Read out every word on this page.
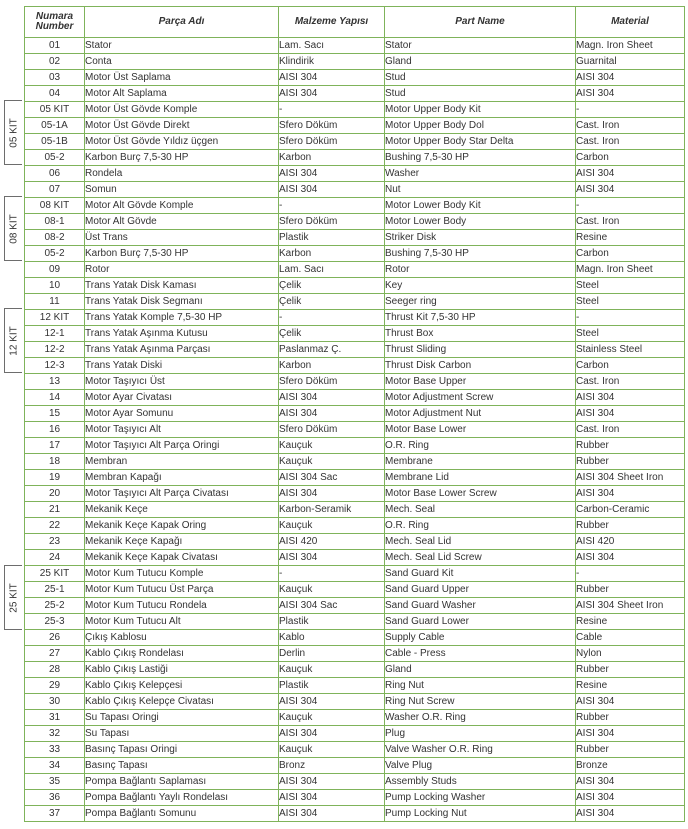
05 KIT
08 KIT
12 KIT
25 KIT
Numara Number	Parça Adı	Malzeme Yapısı	Part Name	Material
01	Stator	Lam. Sacı	Stator	Magn. Iron Sheet
02	Conta	Klindirik	Gland	Guarnital
03	Motor Üst Saplama	AISI 304	Stud	AISI 304
04	Motor Alt Saplama	AISI 304	Stud	AISI 304
05 KIT	Motor Üst Gövde Komple	-	Motor Upper Body Kit	-
05-1A	Motor Üst Gövde Direkt	Sfero Döküm	Motor Upper Body Dol	Cast. Iron
05-1B	Motor Üst Gövde Yıldız üçgen	Sfero Döküm	Motor Upper Body Star Delta	Cast. Iron
05-2	Karbon Burç 7,5-30 HP	Karbon	Bushing 7,5-30 HP	Carbon
06	Rondela	AISI 304	Washer	AISI 304
07	Somun	AISI 304	Nut	AISI 304
08 KIT	Motor Alt Gövde Komple	-	Motor Lower Body Kit	-
08-1	Motor Alt Gövde	Sfero Döküm	Motor Lower Body	Cast. Iron
08-2	Üst Trans	Plastik	Striker Disk	Resine
05-2	Karbon Burç 7,5-30 HP	Karbon	Bushing 7,5-30 HP	Carbon
09	Rotor	Lam. Sacı	Rotor	Magn. Iron Sheet
10	Trans Yatak Disk Kaması	Çelik	Key	Steel
11	Trans Yatak Disk Segmanı	Çelik	Seeger ring	Steel
12 KIT	Trans Yatak Komple 7,5-30 HP	-	Thrust Kit 7,5-30 HP	-
12-1	Trans Yatak Aşınma Kutusu	Çelik	Thrust Box	Steel
12-2	Trans Yatak Aşınma Parçası	Paslanmaz Ç.	Thrust Sliding	Stainless Steel
12-3	Trans Yatak Diski	Karbon	Thrust Disk Carbon	Carbon
13	Motor Taşıyıcı Üst	Sfero Döküm	Motor Base Upper	Cast. Iron
14	Motor Ayar Civatası	AISI 304	Motor Adjustment Screw	AISI 304
15	Motor Ayar Somunu	AISI 304	Motor Adjustment Nut	AISI 304
16	Motor Taşıyıcı Alt	Sfero Döküm	Motor Base Lower	Cast. Iron
17	Motor Taşıyıcı Alt Parça Oringi	Kauçuk	O.R. Ring	Rubber
18	Membran	Kauçuk	Membrane	Rubber
19	Membran Kapağı	AISI 304 Sac	Membrane Lid	AISI 304 Sheet Iron
20	Motor Taşıyıcı Alt Parça Civatası	AISI 304	Motor Base Lower Screw	AISI 304
21	Mekanik Keçe	Karbon-Seramik	Mech. Seal	Carbon-Ceramic
22	Mekanik Keçe Kapak Oring	Kauçuk	O.R. Ring	Rubber
23	Mekanik Keçe Kapağı	AISI 420	Mech. Seal Lid	AISI 420
24	Mekanik Keçe Kapak Civatası	AISI 304	Mech. Seal Lid Screw	AISI 304
25 KIT	Motor Kum Tutucu Komple	-	Sand Guard Kit	-
25-1	Motor Kum Tutucu Üst Parça	Kauçuk	Sand Guard Upper	Rubber
25-2	Motor Kum Tutucu Rondela	AISI 304 Sac	Sand Guard Washer	AISI 304 Sheet Iron
25-3	Motor Kum Tutucu Alt	Plastik	Sand Guard Lower	Resine
26	Çıkış Kablosu	Kablo	Supply Cable	Cable
27	Kablo Çıkış Rondelası	Derlin	Cable - Press	Nylon
28	Kablo Çıkış Lastiği	Kauçuk	Gland	Rubber
29	Kablo Çıkış Kelepçesi	Plastik	Ring Nut	Resine
30	Kablo Çıkış Kelepçe Civatası	AISI 304	Ring Nut Screw	AISI 304
31	Su Tapası Oringi	Kauçuk	Washer O.R. Ring	Rubber
32	Su Tapası	AISI 304	Plug	AISI 304
33	Basınç Tapası Oringi	Kauçuk	Valve Washer O.R. Ring	Rubber
34	Basınç Tapası	Bronz	Valve Plug	Bronze
35	Pompa Bağlantı Saplaması	AISI 304	Assembly Studs	AISI 304
36	Pompa Bağlantı Yaylı Rondelası	AISI 304	Pump Locking Washer	AISI 304
37	Pompa Bağlantı Somunu	AISI 304	Pump Locking Nut	AISI 304
